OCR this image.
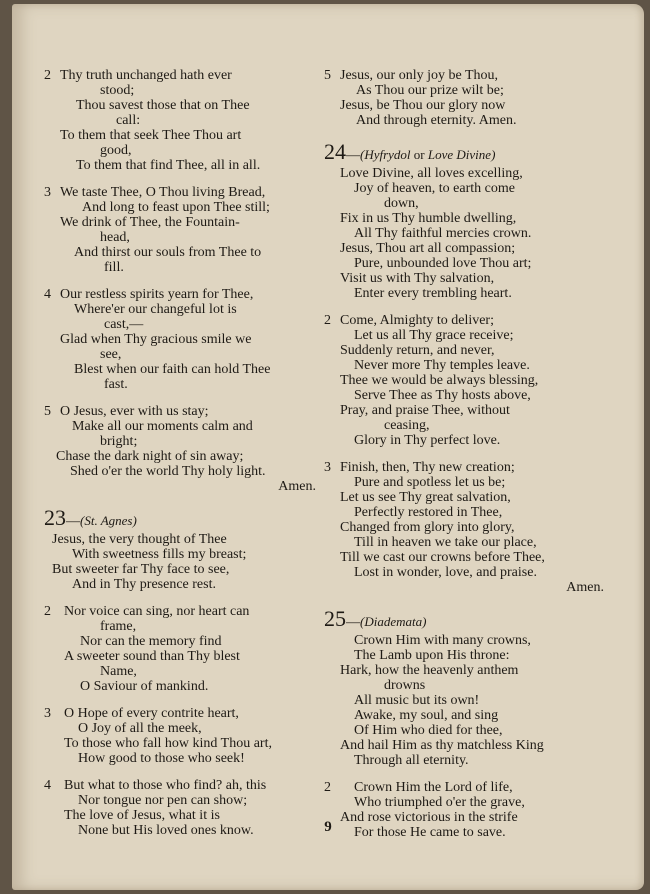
2 Thy truth unchanged hath ever
stood;
Thou savest those that on Thee
call:
To them that seek Thee Thou art
good,
To them that find Thee, all in all.
3 We taste Thee, O Thou living Bread,
And long to feast upon Thee still;
We drink of Thee, the Fountain-
head,
And thirst our souls from Thee to
fill.
4 Our restless spirits yearn for Thee,
Where'er our changeful lot is
cast,—
Glad when Thy gracious smile we
see,
Blest when our faith can hold Thee
fast.
5 O Jesus, ever with us stay;
Make all our moments calm and
bright;
Chase the dark night of sin away;
Shed o'er the world Thy holy light.
Amen.
23—(St. Agnes)
Jesus, the very thought of Thee
With sweetness fills my breast;
But sweeter far Thy face to see,
And in Thy presence rest.
2 Nor voice can sing, nor heart can
frame,
Nor can the memory find
A sweeter sound than Thy blest
Name,
O Saviour of mankind.
3 O Hope of every contrite heart,
O Joy of all the meek,
To those who fall how kind Thou art,
How good to those who seek!
4 But what to those who find? ah, this
Nor tongue nor pen can show;
The love of Jesus, what it is
None but His loved ones know.
5 Jesus, our only joy be Thou,
As Thou our prize wilt be;
Jesus, be Thou our glory now
And through eternity. Amen.
24—(Hyfrydol or Love Divine)
Love Divine, all loves excelling,
Joy of heaven, to earth come
down,
Fix in us Thy humble dwelling,
All Thy faithful mercies crown.
Jesus, Thou art all compassion;
Pure, unbounded love Thou art;
Visit us with Thy salvation,
Enter every trembling heart.
2 Come, Almighty to deliver;
Let us all Thy grace receive;
Suddenly return, and never,
Never more Thy temples leave.
Thee we would be always blessing,
Serve Thee as Thy hosts above,
Pray, and praise Thee, without
ceasing,
Glory in Thy perfect love.
3 Finish, then, Thy new creation;
Pure and spotless let us be;
Let us see Thy great salvation,
Perfectly restored in Thee,
Changed from glory into glory,
Till in heaven we take our place,
Till we cast our crowns before Thee,
Lost in wonder, love, and praise.
Amen.
25—(Diademata)
Crown Him with many crowns,
The Lamb upon His throne:
Hark, how the heavenly anthem
drowns
All music but its own!
Awake, my soul, and sing
Of Him who died for thee,
And hail Him as thy matchless King
Through all eternity.
2 Crown Him the Lord of life,
Who triumphed o'er the grave,
And rose victorious in the strife
For those He came to save.
9
